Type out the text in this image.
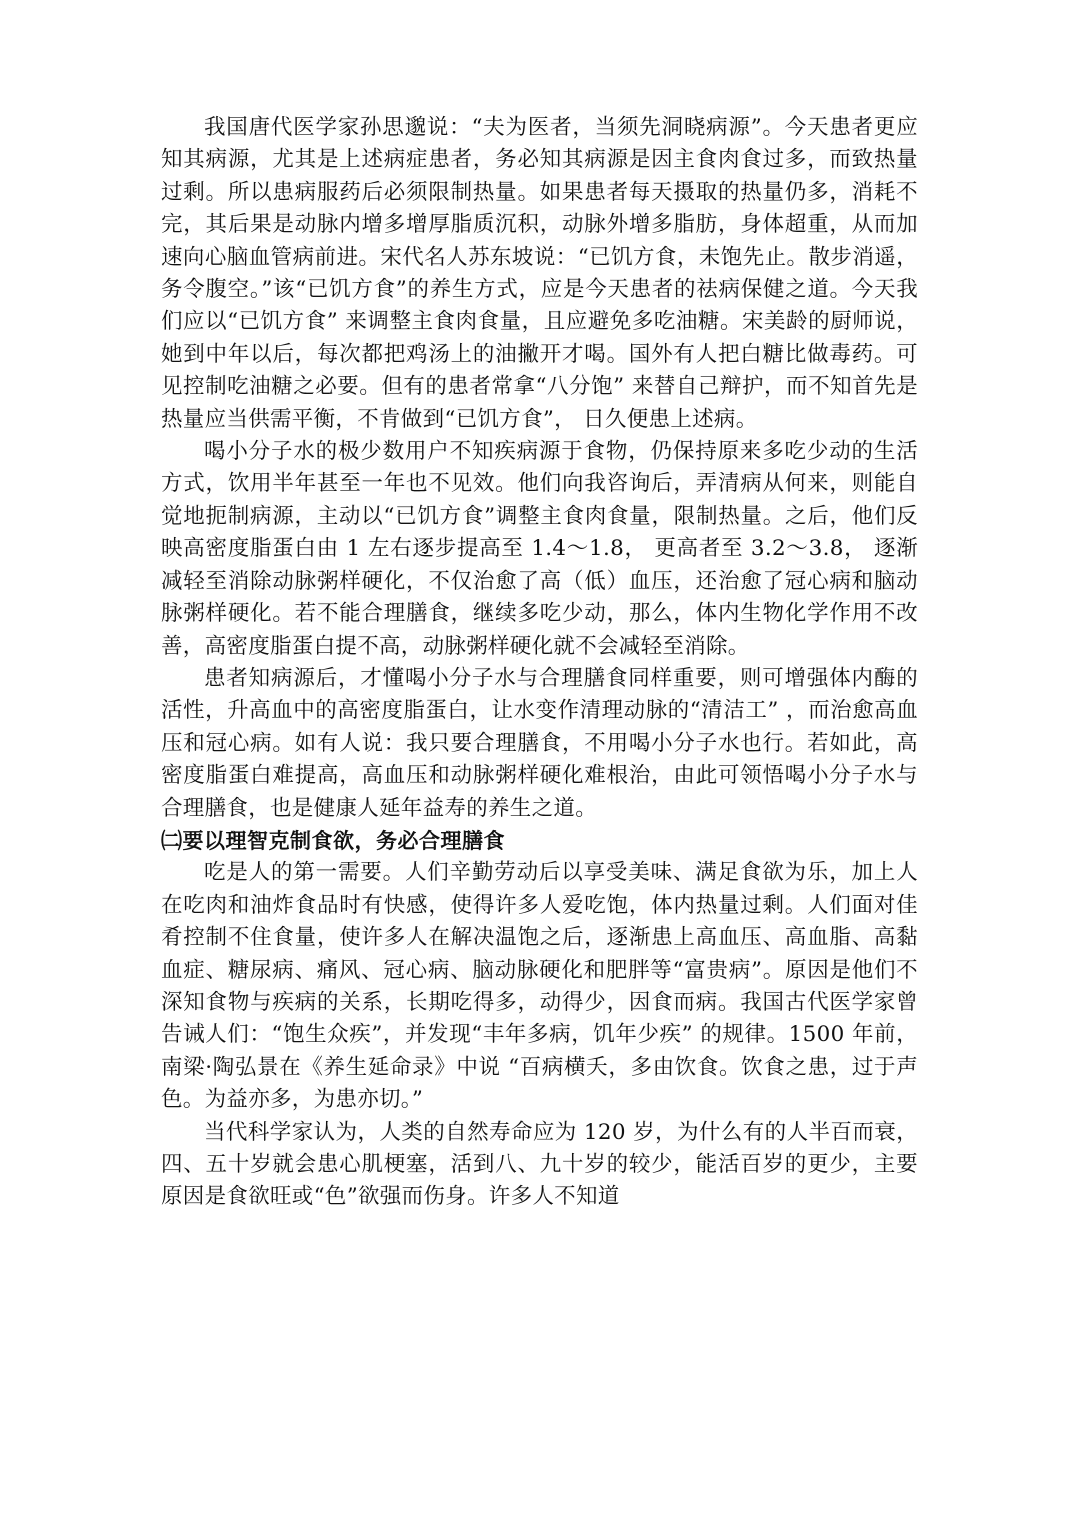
我国唐代医学家孙思邈说：“夫为医者，当须先洞晓病源”。今天患者更应知其病源，尤其是上述病症患者，务必知其病源是因主食肉食过多，而致热量过剩。所以患病服药后必须限制热量。如果患者每天摄取的热量仍多，消耗不完，其后果是动脉内增多增厚脂质沉积，动脉外增多脂肪，身体超重，从而加速向心脑血管病前进。宋代名人苏东坡说：“已饥方食，未饱先止。散步消遥，务令腹空。”该“已饥方食”的养生方式，应是今天患者的祛病保健之道。今天我们应以“已饥方食” 来调整主食肉食量，且应避免多吃油糖。宋美龄的厨师说，她到中年以后，每次都把鸡汤上的油撇开才喝。国外有人把白糖比做毒药。可见控制吃油糖之必要。但有的患者常拿“八分饱” 来替自己辩护，而不知首先是热量应当供需平衡，不肯做到“已饥方食”， 日久便患上述病。

喝小分子水的极少数用户不知疾病源于食物，仍保持原来多吃少动的生活方式，饮用半年甚至一年也不见效。他们向我咨询后，弄清病从何来，则能自觉地扼制病源，主动以“已饥方食”调整主食肉食量，限制热量。之后，他们反映高密度脂蛋白由 1 左右逐步提高至 1.4～1.8， 更高者至 3.2～3.8， 逐渐减轻至消除动脉粥样硬化，不仅治愈了高（低）血压，还治愈了冠心病和脑动脉粥样硬化。若不能合理膳食，继续多吃少动，那么，体内生物化学作用不改善，高密度脂蛋白提不高，动脉粥样硬化就不会减轻至消除。

患者知病源后，才懂喝小分子水与合理膳食同样重要，则可增强体内酶的活性，升高血中的高密度脂蛋白，让水变作清理动脉的“清洁工” ，而治愈高血压和冠心病。如有人说：我只要合理膳食，不用喝小分子水也行。若如此，高密度脂蛋白难提高，高血压和动脉粥样硬化难根治，由此可领悟喝小分子水与合理膳食，也是健康人延年益寿的养生之道。

㈡要以理智克制食欲，务必合理膳食

吃是人的第一需要。人们辛勤劳动后以享受美味、满足食欲为乐，加上人在吃肉和油炸食品时有快感，使得许多人爱吃饱，体内热量过剩。人们面对佳肴控制不住食量，使许多人在解决温饱之后，逐渐患上高血压、高血脂、高黏血症、糖尿病、痛风、冠心病、脑动脉硬化和肥胖等“富贵病”。原因是他们不深知食物与疾病的关系，长期吃得多，动得少，因食而病。我国古代医学家曾告诫人们：“饱生众疾”，并发现“丰年多病，饥年少疾” 的规律。1500 年前，南梁·陶弘景在《养生延命录》中说 “百病横夭，多由饮食。饮食之患，过于声色。为益亦多，为患亦切。”

当代科学家认为，人类的自然寿命应为 120 岁，为什么有的人半百而衰，四、五十岁就会患心肌梗塞，活到八、九十岁的较少，能活百岁的更少，主要原因是食欲旺或“色”欲强而伤身。许多人不知道
